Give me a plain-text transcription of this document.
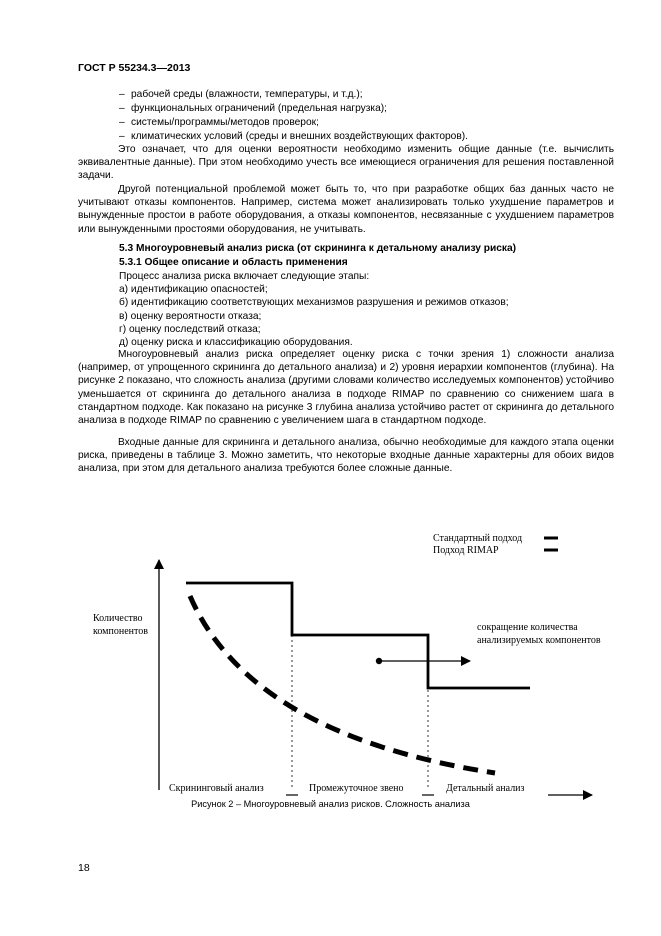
ГОСТ Р 55234.3—2013
– рабочей среды (влажности, температуры, и т.д.);
– функциональных ограничений (предельная нагрузка);
– системы/программы/методов проверок;
– климатических условий (среды и внешних воздействующих факторов).
Это означает, что для оценки вероятности необходимо изменить общие данные (т.е. вычислить эквивалентные данные). При этом необходимо учесть все имеющиеся ограничения для решения поставленной задачи.
Другой потенциальной проблемой может быть то, что при разработке общих баз данных часто не учитывают отказы компонентов. Например, система может анализировать только ухудшение параметров и вынужденные простои в работе оборудования, а отказы компонентов, несвязанные с ухудшением параметров или вынужденными простоями оборудования, не учитывать.
5.3 Многоуровневый анализ риска (от скрининга к детальному анализу риска)
5.3.1 Общее описание и область применения
Процесс анализа риска включает следующие этапы:
а) идентификацию опасностей;
б) идентификацию соответствующих механизмов разрушения и режимов отказов;
в) оценку вероятности отказа;
г) оценку последствий отказа;
д) оценку риска и классификацию оборудования.
Многоуровневый анализ риска определяет оценку риска с точки зрения 1) сложности анализа (например, от упрощенного скрининга до детального анализа) и 2) уровня иерархии компонентов (глубина). На рисунке 2 показано, что сложность анализа (другими словами количество исследуемых компонентов) устойчиво уменьшается от скрининга до детального анализа в подходе RIMAP по сравнению со снижением шага в стандартном подходе. Как показано на рисунке 3 глубина анализа устойчиво растет от скрининга до детального анализа в подходе RIMAP по сравнению с увеличением шага в стандартном подходе.
Входные данные для скрининга и детального анализа, обычно необходимые для каждого этапа оценки риска, приведены в таблице 3. Можно заметить, что некоторые входные данные характерны для обоих видов анализа, при этом для детального анализа требуются более сложные данные.
Стандартный подход
Подход RIMAP
Количество
компонентов	сокращение количества
анализируемых компонентов
Скрининговый анализ	Промежуточное звено	Детальный анализ
Рисунок 2 – Многоуровневый анализ рисков. Сложность анализа
18
